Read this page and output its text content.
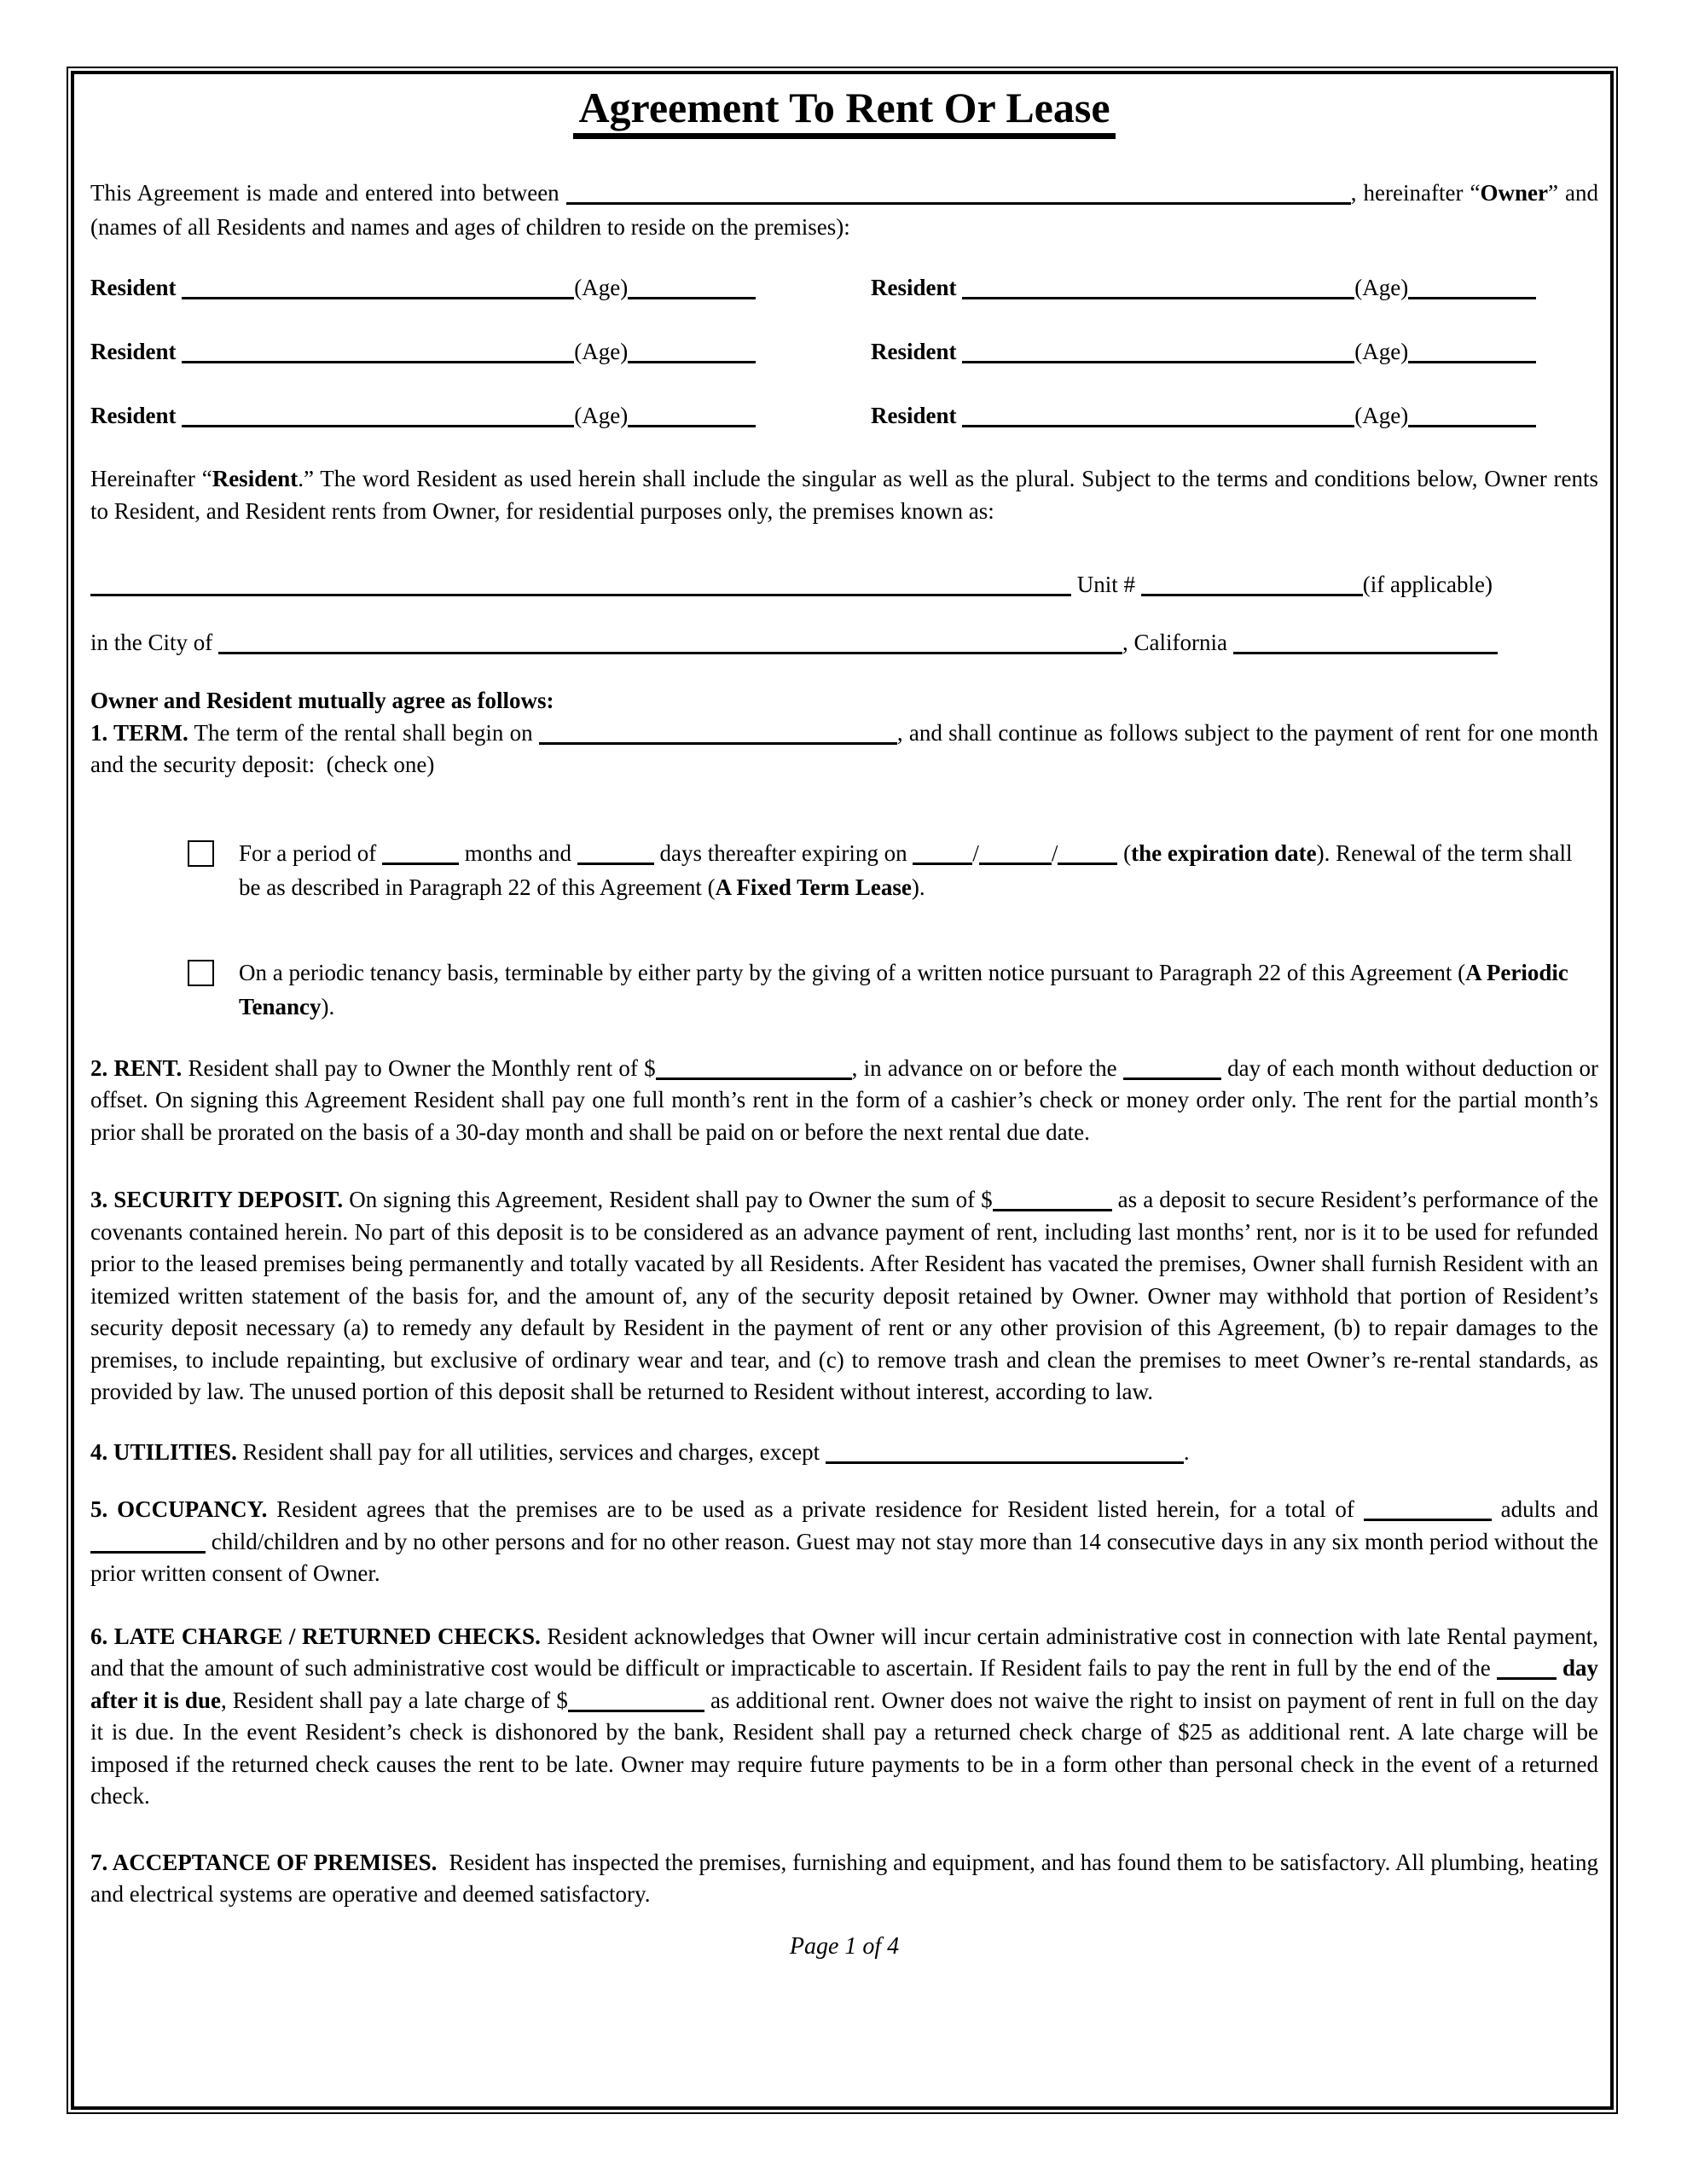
Agreement To Rent Or Lease

This Agreement is made and entered into between	, hereinafter “Owner” and (names of all Residents and names and ages of children to reside on the premises):

Resident	(Age)	Resident	(Age)
Resident	(Age)	Resident	(Age)
Resident	(Age)	Resident	(Age)

Hereinafter “Resident.” The word Resident as used herein shall include the singular as well as the plural. Subject to the terms and conditions below, Owner rents to Resident, and Resident rents from Owner, for residential purposes only, the premises known as:

Unit #	(if applicable)

in the City of	, California

Owner and Resident mutually agree as follows:

1. TERM. The term of the rental shall begin on	, and shall continue as follows subject to the payment of rent for one month and the security deposit:  (check one)

For a period of	months and	days thereafter expiring on	/	/	(the expiration date). Renewal of the term shall be as described in Paragraph 22 of this Agreement (A Fixed Term Lease).
On a periodic tenancy basis, terminable by either party by the giving of a written notice pursuant to Paragraph 22 of this Agreement (A Periodic Tenancy).

2. RENT. Resident shall pay to Owner the Monthly rent of $	, in advance on or before the	day of each month without deduction or offset. On signing this Agreement Resident shall pay one full month’s rent in the form of a cashier’s check or money order only. The rent for the partial month’s prior shall be prorated on the basis of a 30-day month and shall be paid on or before the next rental due date.

3. SECURITY DEPOSIT. On signing this Agreement, Resident shall pay to Owner the sum of $	as a deposit to secure Resident’s performance of the covenants contained herein. No part of this deposit is to be considered as an advance payment of rent, including last months’ rent, nor is it to be used for refunded prior to the leased premises being permanently and totally vacated by all Residents. After Resident has vacated the premises, Owner shall furnish Resident with an itemized written statement of the basis for, and the amount of, any of the security deposit retained by Owner. Owner may withhold that portion of Resident’s security deposit necessary (a) to remedy any default by Resident in the payment of rent or any other provision of this Agreement, (b) to repair damages to the premises, to include repainting, but exclusive of ordinary wear and tear, and (c) to remove trash and clean the premises to meet Owner’s re-rental standards, as provided by law. The unused portion of this deposit shall be returned to Resident without interest, according to law.

4. UTILITIES. Resident shall pay for all utilities, services and charges, except	.

5. OCCUPANCY. Resident agrees that the premises are to be used as a private residence for Resident listed herein, for a total of	adults and  child/children and by no other persons and for no other reason. Guest may not stay more than 14 consecutive days in any six month period without the prior written consent of Owner.

6. LATE CHARGE / RETURNED CHECKS. Resident acknowledges that Owner will incur certain administrative cost in connection with late Rental payment, and that the amount of such administrative cost would be difficult or impracticable to ascertain. If Resident fails to pay the rent in full by the end of the	day after it is due, Resident shall pay a late charge of $	as additional rent. Owner does not waive the right to insist on payment of rent in full on the day it is due. In the event Resident’s check is dishonored by the bank, Resident shall pay a returned check charge of $25 as additional rent. A late charge will be imposed if the returned check causes the rent to be late. Owner may require future payments to be in a form other than personal check in the event of a returned check.

7. ACCEPTANCE OF PREMISES.  Resident has inspected the premises, furnishing and equipment, and has found them to be satisfactory. All plumbing, heating and electrical systems are operative and deemed satisfactory.

Page 1 of 4
